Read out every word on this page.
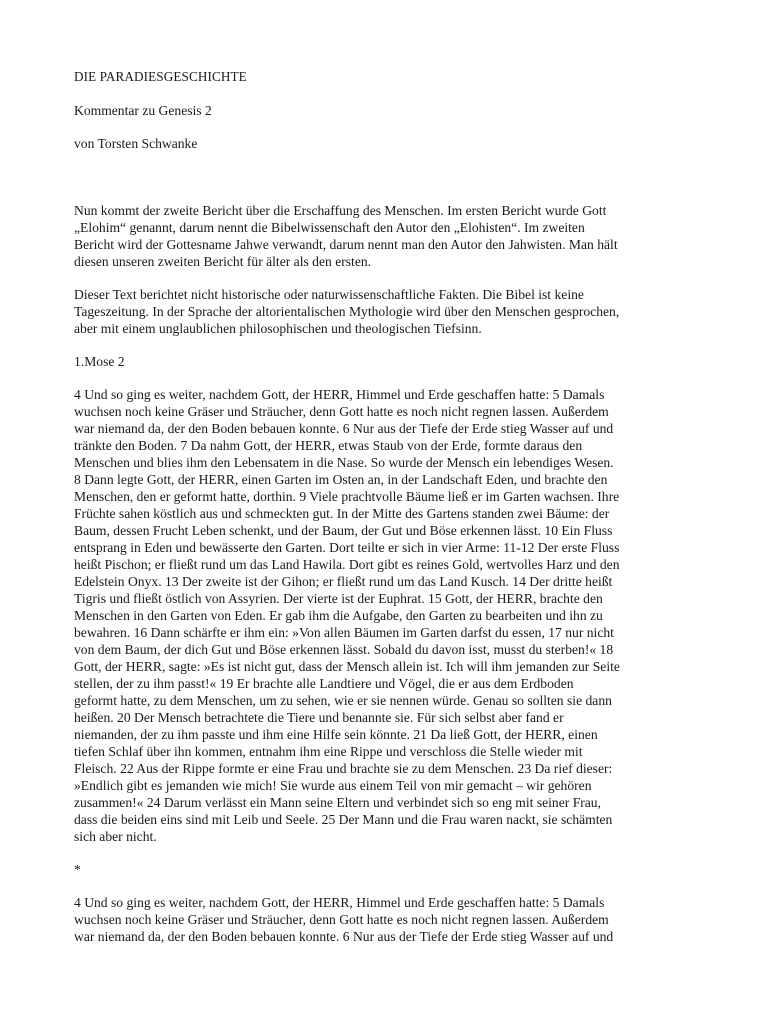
DIE PARADIESGESCHICHTE

Kommentar zu Genesis 2

von Torsten Schwanke

Nun kommt der zweite Bericht über die Erschaffung des Menschen. Im ersten Bericht wurde Gott
„Elohim“ genannt, darum nennt die Bibelwissenschaft den Autor den „Elohisten“. Im zweiten
Bericht wird der Gottesname Jahwe verwandt, darum nennt man den Autor den Jahwisten. Man hält
diesen unseren zweiten Bericht für älter als den ersten.
Dieser Text berichtet nicht historische oder naturwissenschaftliche Fakten. Die Bibel ist keine
Tageszeitung. In der Sprache der altorientalischen Mythologie wird über den Menschen gesprochen,
aber mit einem unglaublichen philosophischen und theologischen Tiefsinn.

1.Mose 2

4 Und so ging es weiter, nachdem Gott, der HERR, Himmel und Erde geschaffen hatte: 5 Damals
wuchsen noch keine Gräser und Sträucher, denn Gott hatte es noch nicht regnen lassen. Außerdem
war niemand da, der den Boden bebauen konnte. 6 Nur aus der Tiefe der Erde stieg Wasser auf und
tränkte den Boden. 7 Da nahm Gott, der HERR, etwas Staub von der Erde, formte daraus den
Menschen und blies ihm den Lebensatem in die Nase. So wurde der Mensch ein lebendiges Wesen.
8 Dann legte Gott, der HERR, einen Garten im Osten an, in der Landschaft Eden, und brachte den
Menschen, den er geformt hatte, dorthin. 9 Viele prachtvolle Bäume ließ er im Garten wachsen. Ihre
Früchte sahen köstlich aus und schmeckten gut. In der Mitte des Gartens standen zwei Bäume: der
Baum, dessen Frucht Leben schenkt, und der Baum, der Gut und Böse erkennen lässt. 10 Ein Fluss
entsprang in Eden und bewässerte den Garten. Dort teilte er sich in vier Arme: 11-12 Der erste Fluss
heißt Pischon; er fließt rund um das Land Hawila. Dort gibt es reines Gold, wertvolles Harz und den
Edelstein Onyx. 13 Der zweite ist der Gihon; er fließt rund um das Land Kusch. 14 Der dritte heißt
Tigris und fließt östlich von Assyrien. Der vierte ist der Euphrat. 15 Gott, der HERR, brachte den
Menschen in den Garten von Eden. Er gab ihm die Aufgabe, den Garten zu bearbeiten und ihn zu
bewahren. 16 Dann schärfte er ihm ein: »Von allen Bäumen im Garten darfst du essen, 17 nur nicht
von dem Baum, der dich Gut und Böse erkennen lässt. Sobald du davon isst, musst du sterben!« 18
Gott, der HERR, sagte: »Es ist nicht gut, dass der Mensch allein ist. Ich will ihm jemanden zur Seite
stellen, der zu ihm passt!« 19 Er brachte alle Landtiere und Vögel, die er aus dem Erdboden
geformt hatte, zu dem Menschen, um zu sehen, wie er sie nennen würde. Genau so sollten sie dann
heißen. 20 Der Mensch betrachtete die Tiere und benannte sie. Für sich selbst aber fand er
niemanden, der zu ihm passte und ihm eine Hilfe sein könnte. 21 Da ließ Gott, der HERR, einen
tiefen Schlaf über ihn kommen, entnahm ihm eine Rippe und verschloss die Stelle wieder mit
Fleisch. 22 Aus der Rippe formte er eine Frau und brachte sie zu dem Menschen. 23 Da rief dieser:
»Endlich gibt es jemanden wie mich! Sie wurde aus einem Teil von mir gemacht – wir gehören
zusammen!« 24 Darum verlässt ein Mann seine Eltern und verbindet sich so eng mit seiner Frau,
dass die beiden eins sind mit Leib und Seele. 25 Der Mann und die Frau waren nackt, sie schämten
sich aber nicht.

*

4 Und so ging es weiter, nachdem Gott, der HERR, Himmel und Erde geschaffen hatte: 5 Damals
wuchsen noch keine Gräser und Sträucher, denn Gott hatte es noch nicht regnen lassen. Außerdem
war niemand da, der den Boden bebauen konnte. 6 Nur aus der Tiefe der Erde stieg Wasser auf und
